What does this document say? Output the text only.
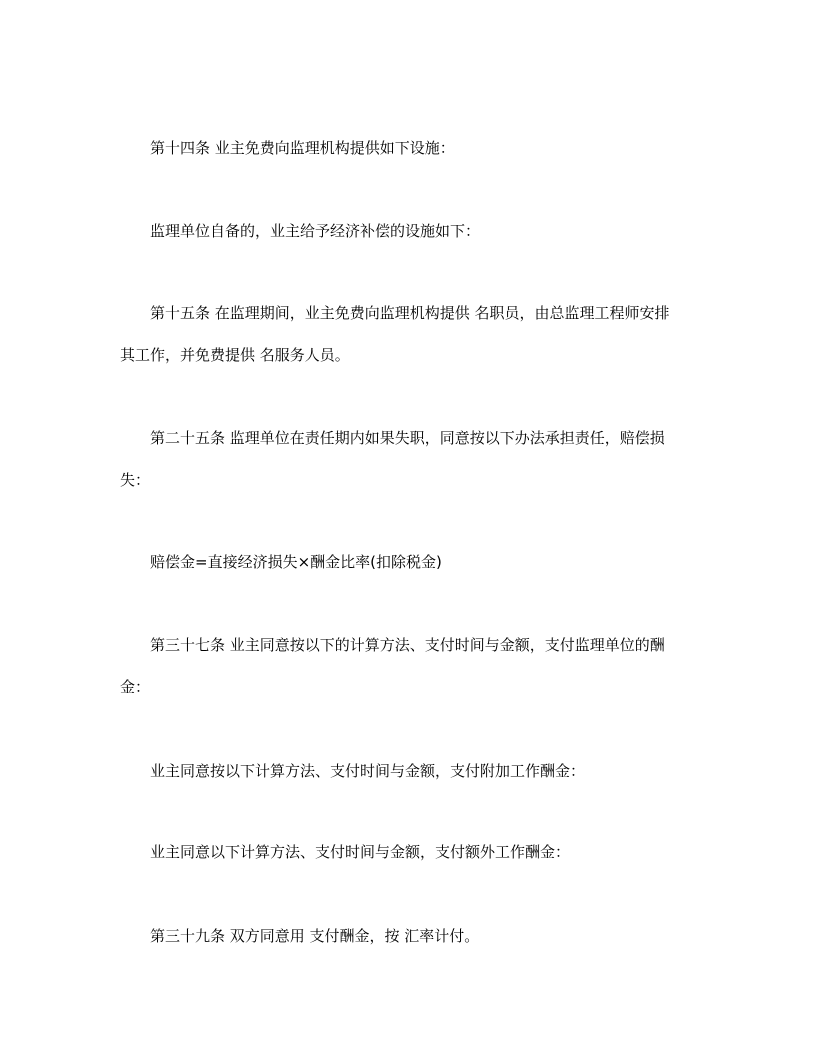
第十四条 业主免费向监理机构提供如下设施：

监理单位自备的，业主给予经济补偿的设施如下：

第十五条 在监理期间，业主免费向监理机构提供 名职员，由总监理工程师安排
其工作，并免费提供 名服务人员。

第二十五条 监理单位在责任期内如果失职，同意按以下办法承担责任，赔偿损
失：

赔偿金=直接经济损失×酬金比率(扣除税金)

第三十七条 业主同意按以下的计算方法、支付时间与金额，支付监理单位的酬
金：

业主同意按以下计算方法、支付时间与金额，支付附加工作酬金：

业主同意以下计算方法、支付时间与金额，支付额外工作酬金：

第三十九条 双方同意用 支付酬金，按 汇率计付。
